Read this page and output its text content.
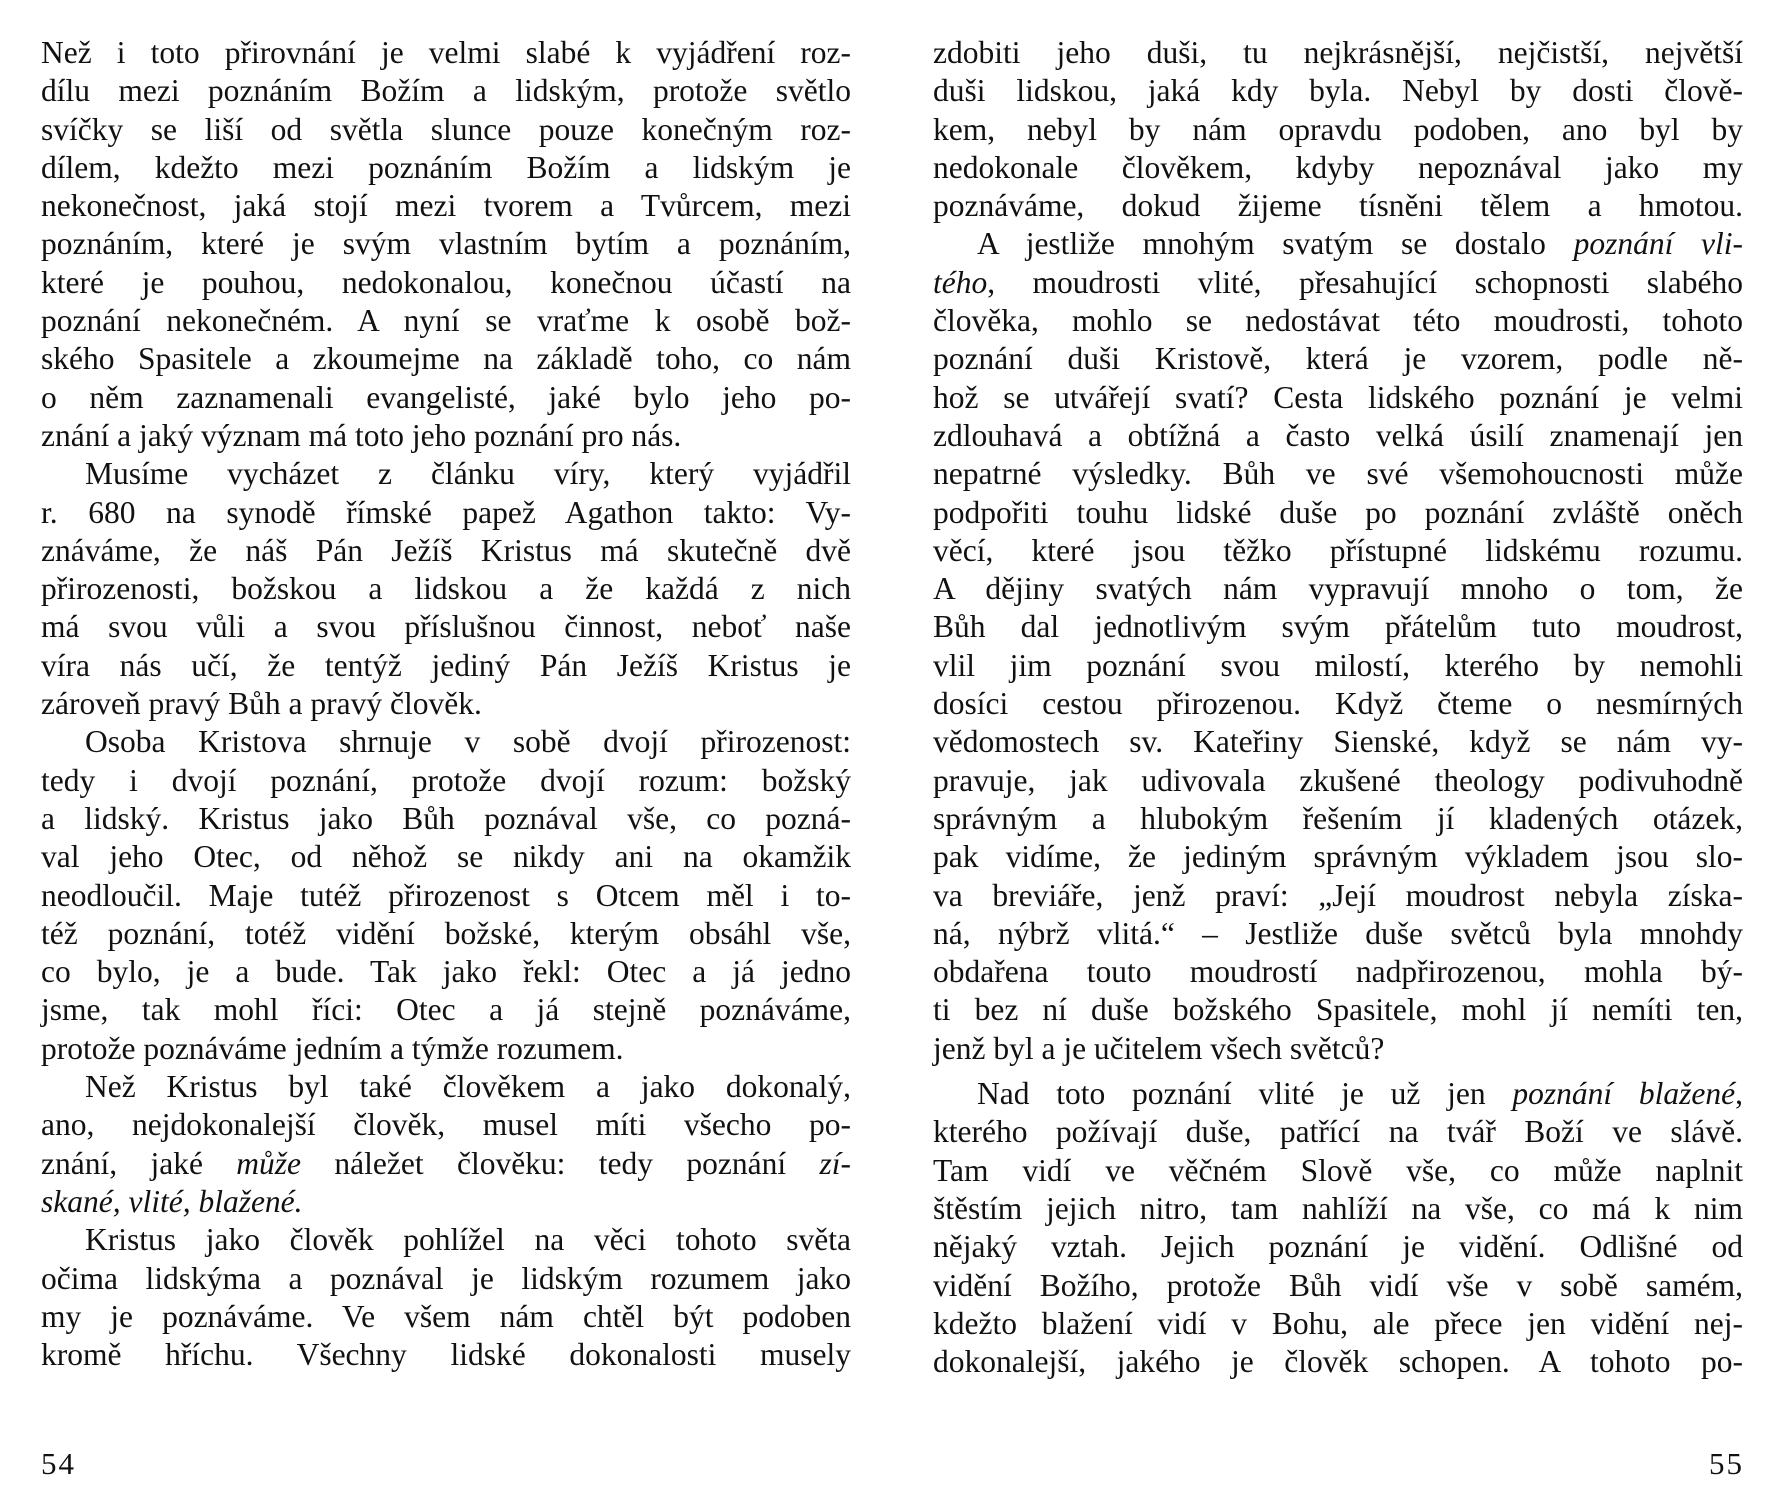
Než i toto přirovnání je velmi slabé k vyjádření roz-
dílu mezi poznáním Božím a lidským, protože světlo
svíčky se liší od světla slunce pouze konečným roz-
dílem, kdežto mezi poznáním Božím a lidským je
nekonečnost, jaká stojí mezi tvorem a Tvůrcem, mezi
poznáním, které je svým vlastním bytím a poznáním,
které je pouhou, nedokonalou, konečnou účastí na
poznání nekonečném. A nyní se vraťme k osobě bož-
ského Spasitele a zkoumejme na základě toho, co nám
o něm zaznamenali evangelisté, jaké bylo jeho po-
znání a jaký význam má toto jeho poznání pro nás.
Musíme vycházet z článku víry, který vyjádřil
r. 680 na synodě římské papež Agathon takto: Vy-
znáváme, že náš Pán Ježíš Kristus má skutečně dvě
přirozenosti, božskou a lidskou a že každá z nich
má svou vůli a svou příslušnou činnost, neboť naše
víra nás učí, že tentýž jediný Pán Ježíš Kristus je
zároveň pravý Bůh a pravý člověk.
Osoba Kristova shrnuje v sobě dvojí přirozenost:
tedy i dvojí poznání, protože dvojí rozum: božský
a lidský. Kristus jako Bůh poznával vše, co pozná-
val jeho Otec, od něhož se nikdy ani na okamžik
neodloučil. Maje tutéž přirozenost s Otcem měl i to-
též poznání, totéž vidění božské, kterým obsáhl vše,
co bylo, je a bude. Tak jako řekl: Otec a já jedno
jsme, tak mohl říci: Otec a já stejně poznáváme,
protože poznáváme jedním a týmže rozumem.
Než Kristus byl také člověkem a jako dokonalý,
ano, nejdokonalejší člověk, musel míti všecho po-
znání, jaké může náležet člověku: tedy poznání zí-
skané, vlité, blažené.
Kristus jako člověk pohlížel na věci tohoto světa
očima lidskýma a poznával je lidským rozumem jako
my je poznáváme. Ve všem nám chtěl být podoben
kromě hříchu. Všechny lidské dokonalosti musely
zdobiti jeho duši, tu nejkrásnější, nejčistší, největší
duši lidskou, jaká kdy byla. Nebyl by dosti člově-
kem, nebyl by nám opravdu podoben, ano byl by
nedokonale člověkem, kdyby nepoznával jako my
poznáváme, dokud žijeme tísněni tělem a hmotou.
A jestliže mnohým svatým se dostalo poznání vli-
tého, moudrosti vlité, přesahující schopnosti slabého
člověka, mohlo se nedostávat této moudrosti, tohoto
poznání duši Kristově, která je vzorem, podle ně-
hož se utvářejí svatí? Cesta lidského poznání je velmi
zdlouhavá a obtížná a často velká úsilí znamenají jen
nepatrné výsledky. Bůh ve své všemohoucnosti může
podpořiti touhu lidské duše po poznání zvláště oněch
věcí, které jsou těžko přístupné lidskému rozumu.
A dějiny svatých nám vypravují mnoho o tom, že
Bůh dal jednotlivým svým přátelům tuto moudrost,
vlil jim poznání svou milostí, kterého by nemohli
dosíci cestou přirozenou. Když čteme o nesmírných
vědomostech sv. Kateřiny Sienské, když se nám vy-
pravuje, jak udivovala zkušené theology podivuhodně
správným a hlubokým řešením jí kladených otázek,
pak vidíme, že jediným správným výkladem jsou slo-
va breviáře, jenž praví: „Její moudrost nebyla získa-
ná, nýbrž vlitá.“ – Jestliže duše světců byla mnohdy
obdařena touto moudrostí nadpřirozenou, mohla bý-
ti bez ní duše božského Spasitele, mohl jí nemíti ten,
jenž byl a je učitelem všech světců?
Nad toto poznání vlité je už jen poznání blažené,
kterého požívají duše, patřící na tvář Boží ve slávě.
Tam vidí ve věčném Slově vše, co může naplnit
štěstím jejich nitro, tam nahlíží na vše, co má k nim
nějaký vztah. Jejich poznání je vidění. Odlišné od
vidění Božího, protože Bůh vidí vše v sobě samém,
kdežto blažení vidí v Bohu, ale přece jen vidění nej-
dokonalejší, jakého je člověk schopen. A tohoto po-
54	55
